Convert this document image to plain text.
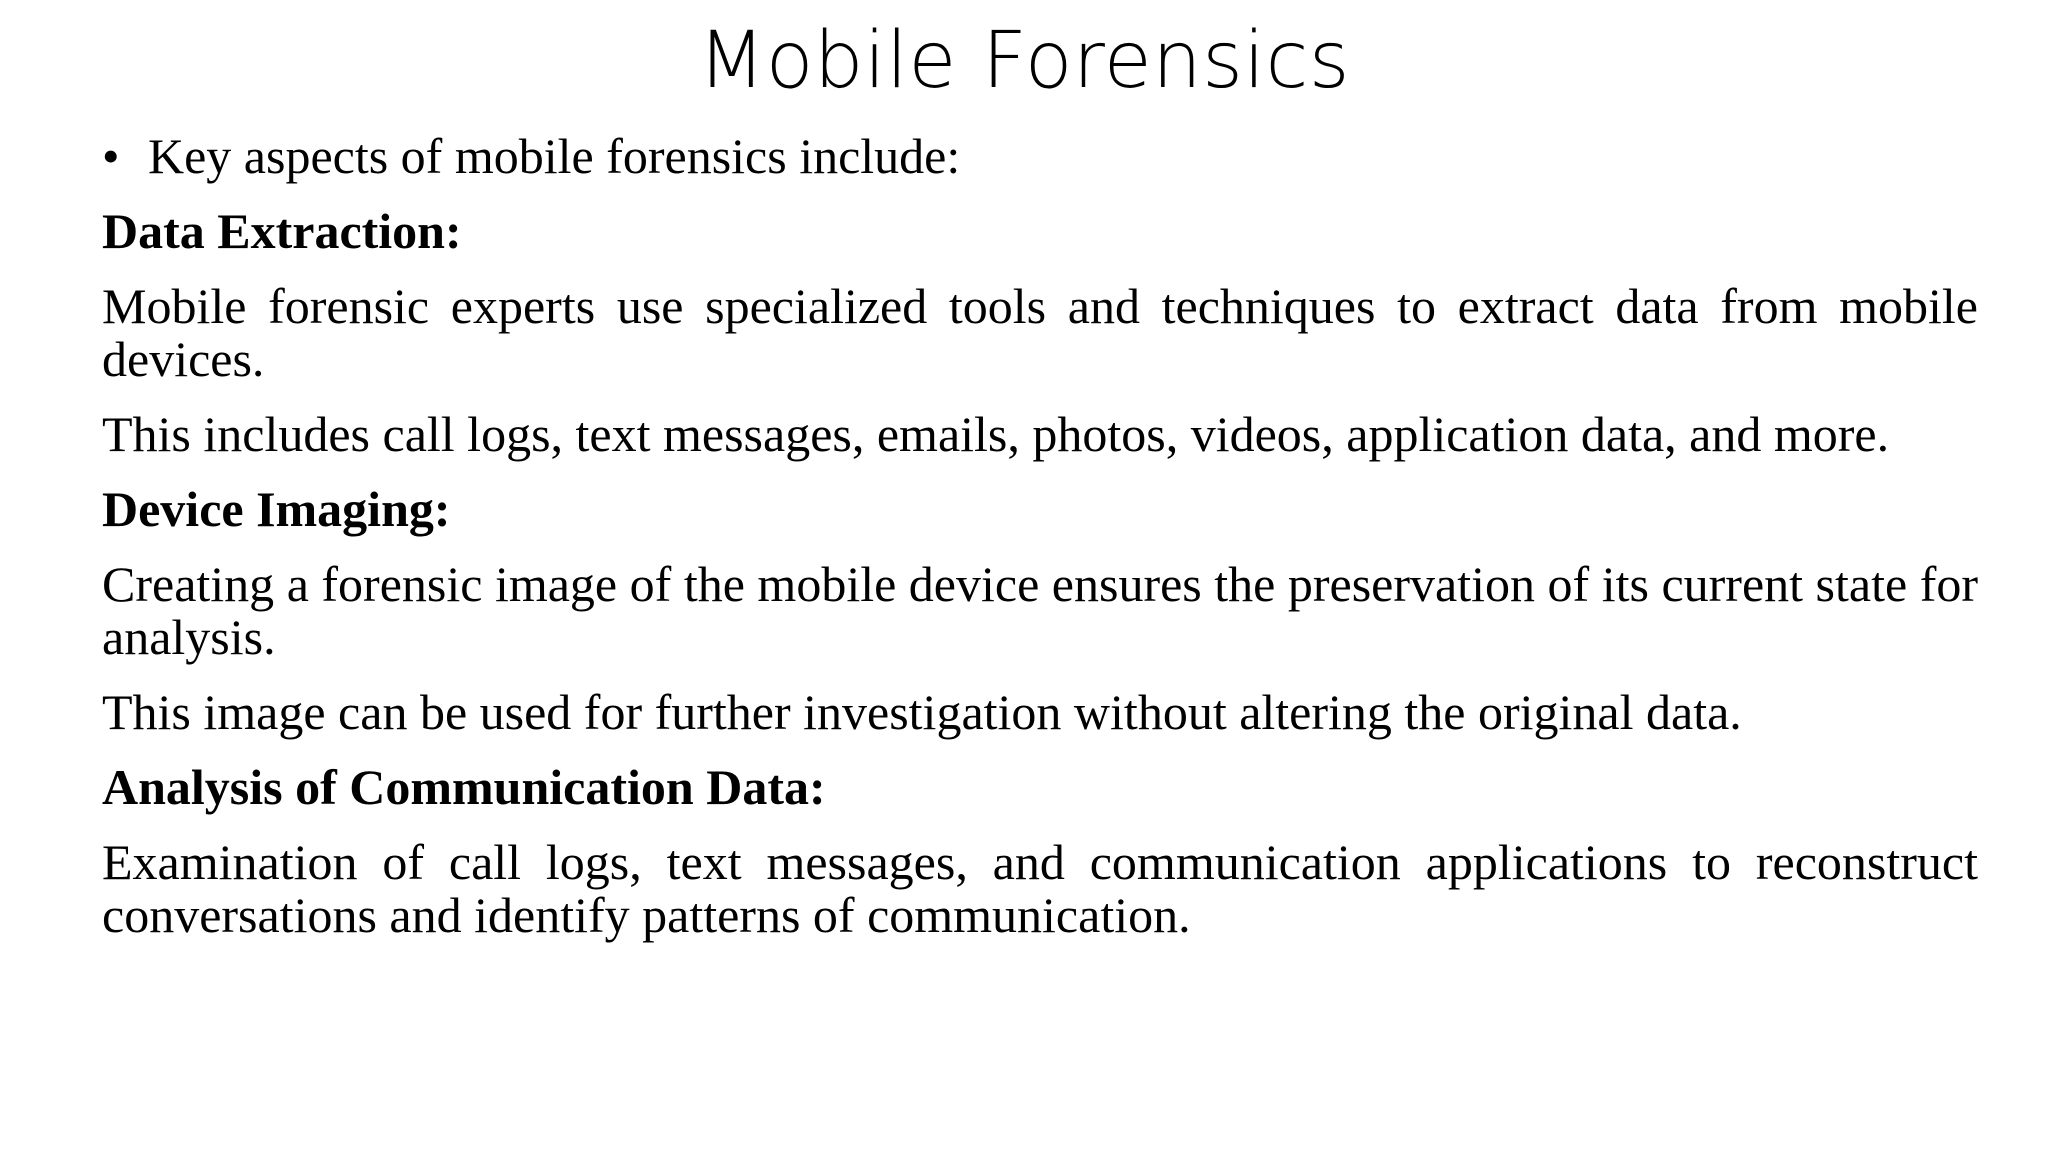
Mobile Forensics
• Key aspects of mobile forensics include:
Data Extraction:
Mobile forensic experts use specialized tools and techniques to extract data from mobile devices.
This includes call logs, text messages, emails, photos, videos, application data, and more.
Device Imaging:
Creating a forensic image of the mobile device ensures the preservation of its current state for analysis.
This image can be used for further investigation without altering the original data.
Analysis of Communication Data:
Examination of call logs, text messages, and communication applications to reconstruct conversations and identify patterns of communication.
